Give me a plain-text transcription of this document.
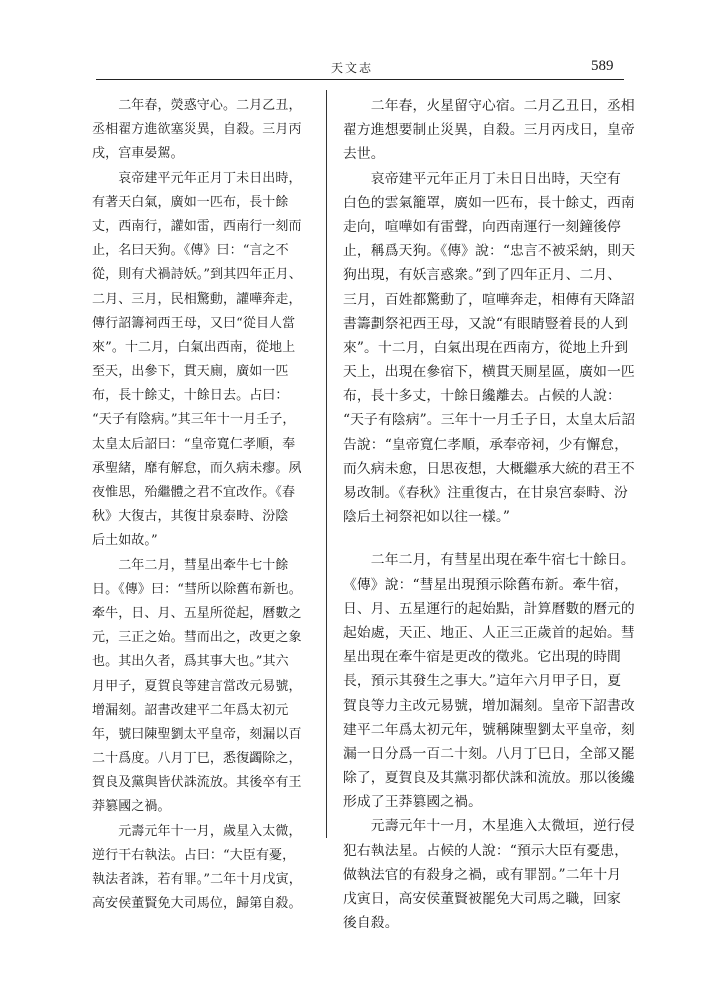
天文志	589
　　二年春，熒惑守心。二月乙丑，
丞相翟方進欲塞災異，自殺。三月丙
戌，宫車晏駕。
　　哀帝建平元年正月丁未日出時，
有著天白氣，廣如一匹布，長十餘
丈，西南行，讙如雷，西南行一刻而
止，名曰天狗。《傳》曰：“言之不
從，則有犬禍詩妖。”到其四年正月、
二月、三月，民相驚動，讙嘩奔走，
傳行詔籌祠西王母，又曰“從目人當
來”。十二月，白氣出西南，從地上
至天，出參下，貫天廁，廣如一匹
布，長十餘丈，十餘日去。占曰：
“天子有陰病。”其三年十一月壬子，
太皇太后詔曰：“皇帝寬仁孝順，奉
承聖緒，靡有解怠，而久病未瘳。夙
夜惟思，殆繼體之君不宜改作。《春
秋》大復古，其復甘泉泰畤、汾陰
后土如故。”
　　二年二月，彗星出牽牛七十餘
日。《傳》曰：“彗所以除舊布新也。
牽牛，日、月、五星所從起，曆數之
元，三正之始。彗而出之，改更之象
也。其出久者，爲其事大也。”其六
月甲子，夏賀良等建言當改元易號，
增漏刻。詔書改建平二年爲太初元
年，號曰陳聖劉太平皇帝，刻漏以百
二十爲度。八月丁巳，悉復蠲除之，
賀良及黨與皆伏誅流放。其後卒有王
莽篡國之禍。
　　元壽元年十一月，歲星入太微，
逆行干右執法。占曰：“大臣有憂，
執法者誅，若有罪。”二年十月戊寅，
高安侯董賢免大司馬位，歸第自殺。
　　二年春，火星留守心宿。二月乙丑日，丞相
翟方進想要制止災異，自殺。三月丙戌日，皇帝
去世。
　　哀帝建平元年正月丁未日日出時，天空有
白色的雲氣籠罩，廣如一匹布，長十餘丈，西南
走向，喧嘩如有雷聲，向西南運行一刻鐘後停
止，稱爲天狗。《傳》說：“忠言不被采納，則天
狗出現，有妖言惑衆。”到了四年正月、二月、
三月，百姓都驚動了，喧嘩奔走，相傳有天降詔
書籌劃祭祀西王母，又說“有眼睛豎着長的人到
來”。十二月，白氣出現在西南方，從地上升到
天上，出現在參宿下，横貫天厠星區，廣如一匹
布，長十多丈，十餘日纔離去。占候的人說：
“天子有陰病”。三年十一月壬子日，太皇太后詔
告說：“皇帝寬仁孝順，承奉帝祠，少有懈怠，
而久病未愈，日思夜想，大概繼承大統的君王不
易改制。《春秋》注重復古，在甘泉宫泰畤、汾
陰后土祠祭祀如以往一樣。”
　　二年二月，有彗星出現在牽牛宿七十餘日。
《傳》說：“彗星出現預示除舊布新。牽牛宿，
日、月、五星運行的起始點，計算曆數的曆元的
起始處，天正、地正、人正三正歲首的起始。彗
星出現在牽牛宿是更改的徵兆。它出現的時間
長，預示其發生之事大。”這年六月甲子日，夏
賀良等力主改元易號，增加漏刻。皇帝下詔書改
建平二年爲太初元年，號稱陳聖劉太平皇帝，刻
漏一日分爲一百二十刻。八月丁巳日，全部又罷
除了，夏賀良及其黨羽都伏誅和流放。那以後纔
形成了王莽篡國之禍。
　　元壽元年十一月，木星進入太微垣，逆行侵
犯右執法星。占候的人說：“預示大臣有憂患，
做執法官的有殺身之禍，或有罪罰。”二年十月
戊寅日，高安侯董賢被罷免大司馬之職，回家
後自殺。
